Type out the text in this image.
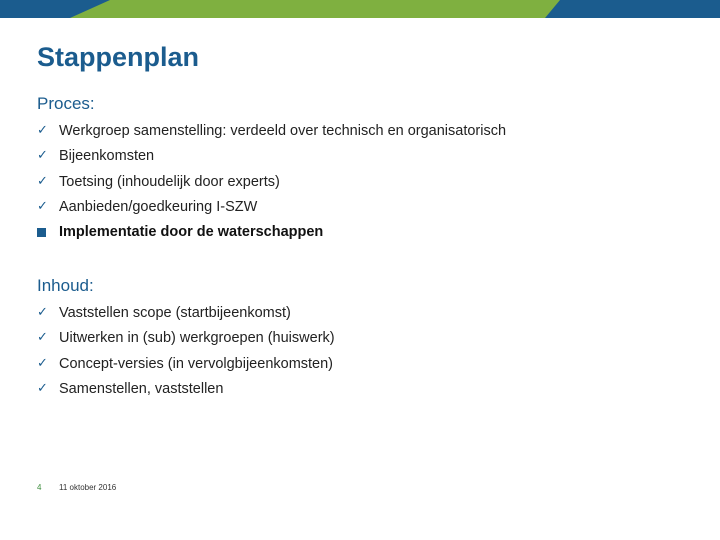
Stappenplan
Proces:
✓ Werkgroep samenstelling: verdeeld over technisch en organisatorisch
✓ Bijeenkomsten
✓ Toetsing (inhoudelijk door experts)
✓ Aanbieden/goedkeuring I-SZW
Implementatie door de waterschappen
Inhoud:
✓ Vaststellen scope (startbijeenkomst)
✓ Uitwerken in (sub) werkgroepen (huiswerk)
✓ Concept-versies (in vervolgbijeenkomsten)
✓ Samenstellen, vaststellen
4 11 oktober 2016
